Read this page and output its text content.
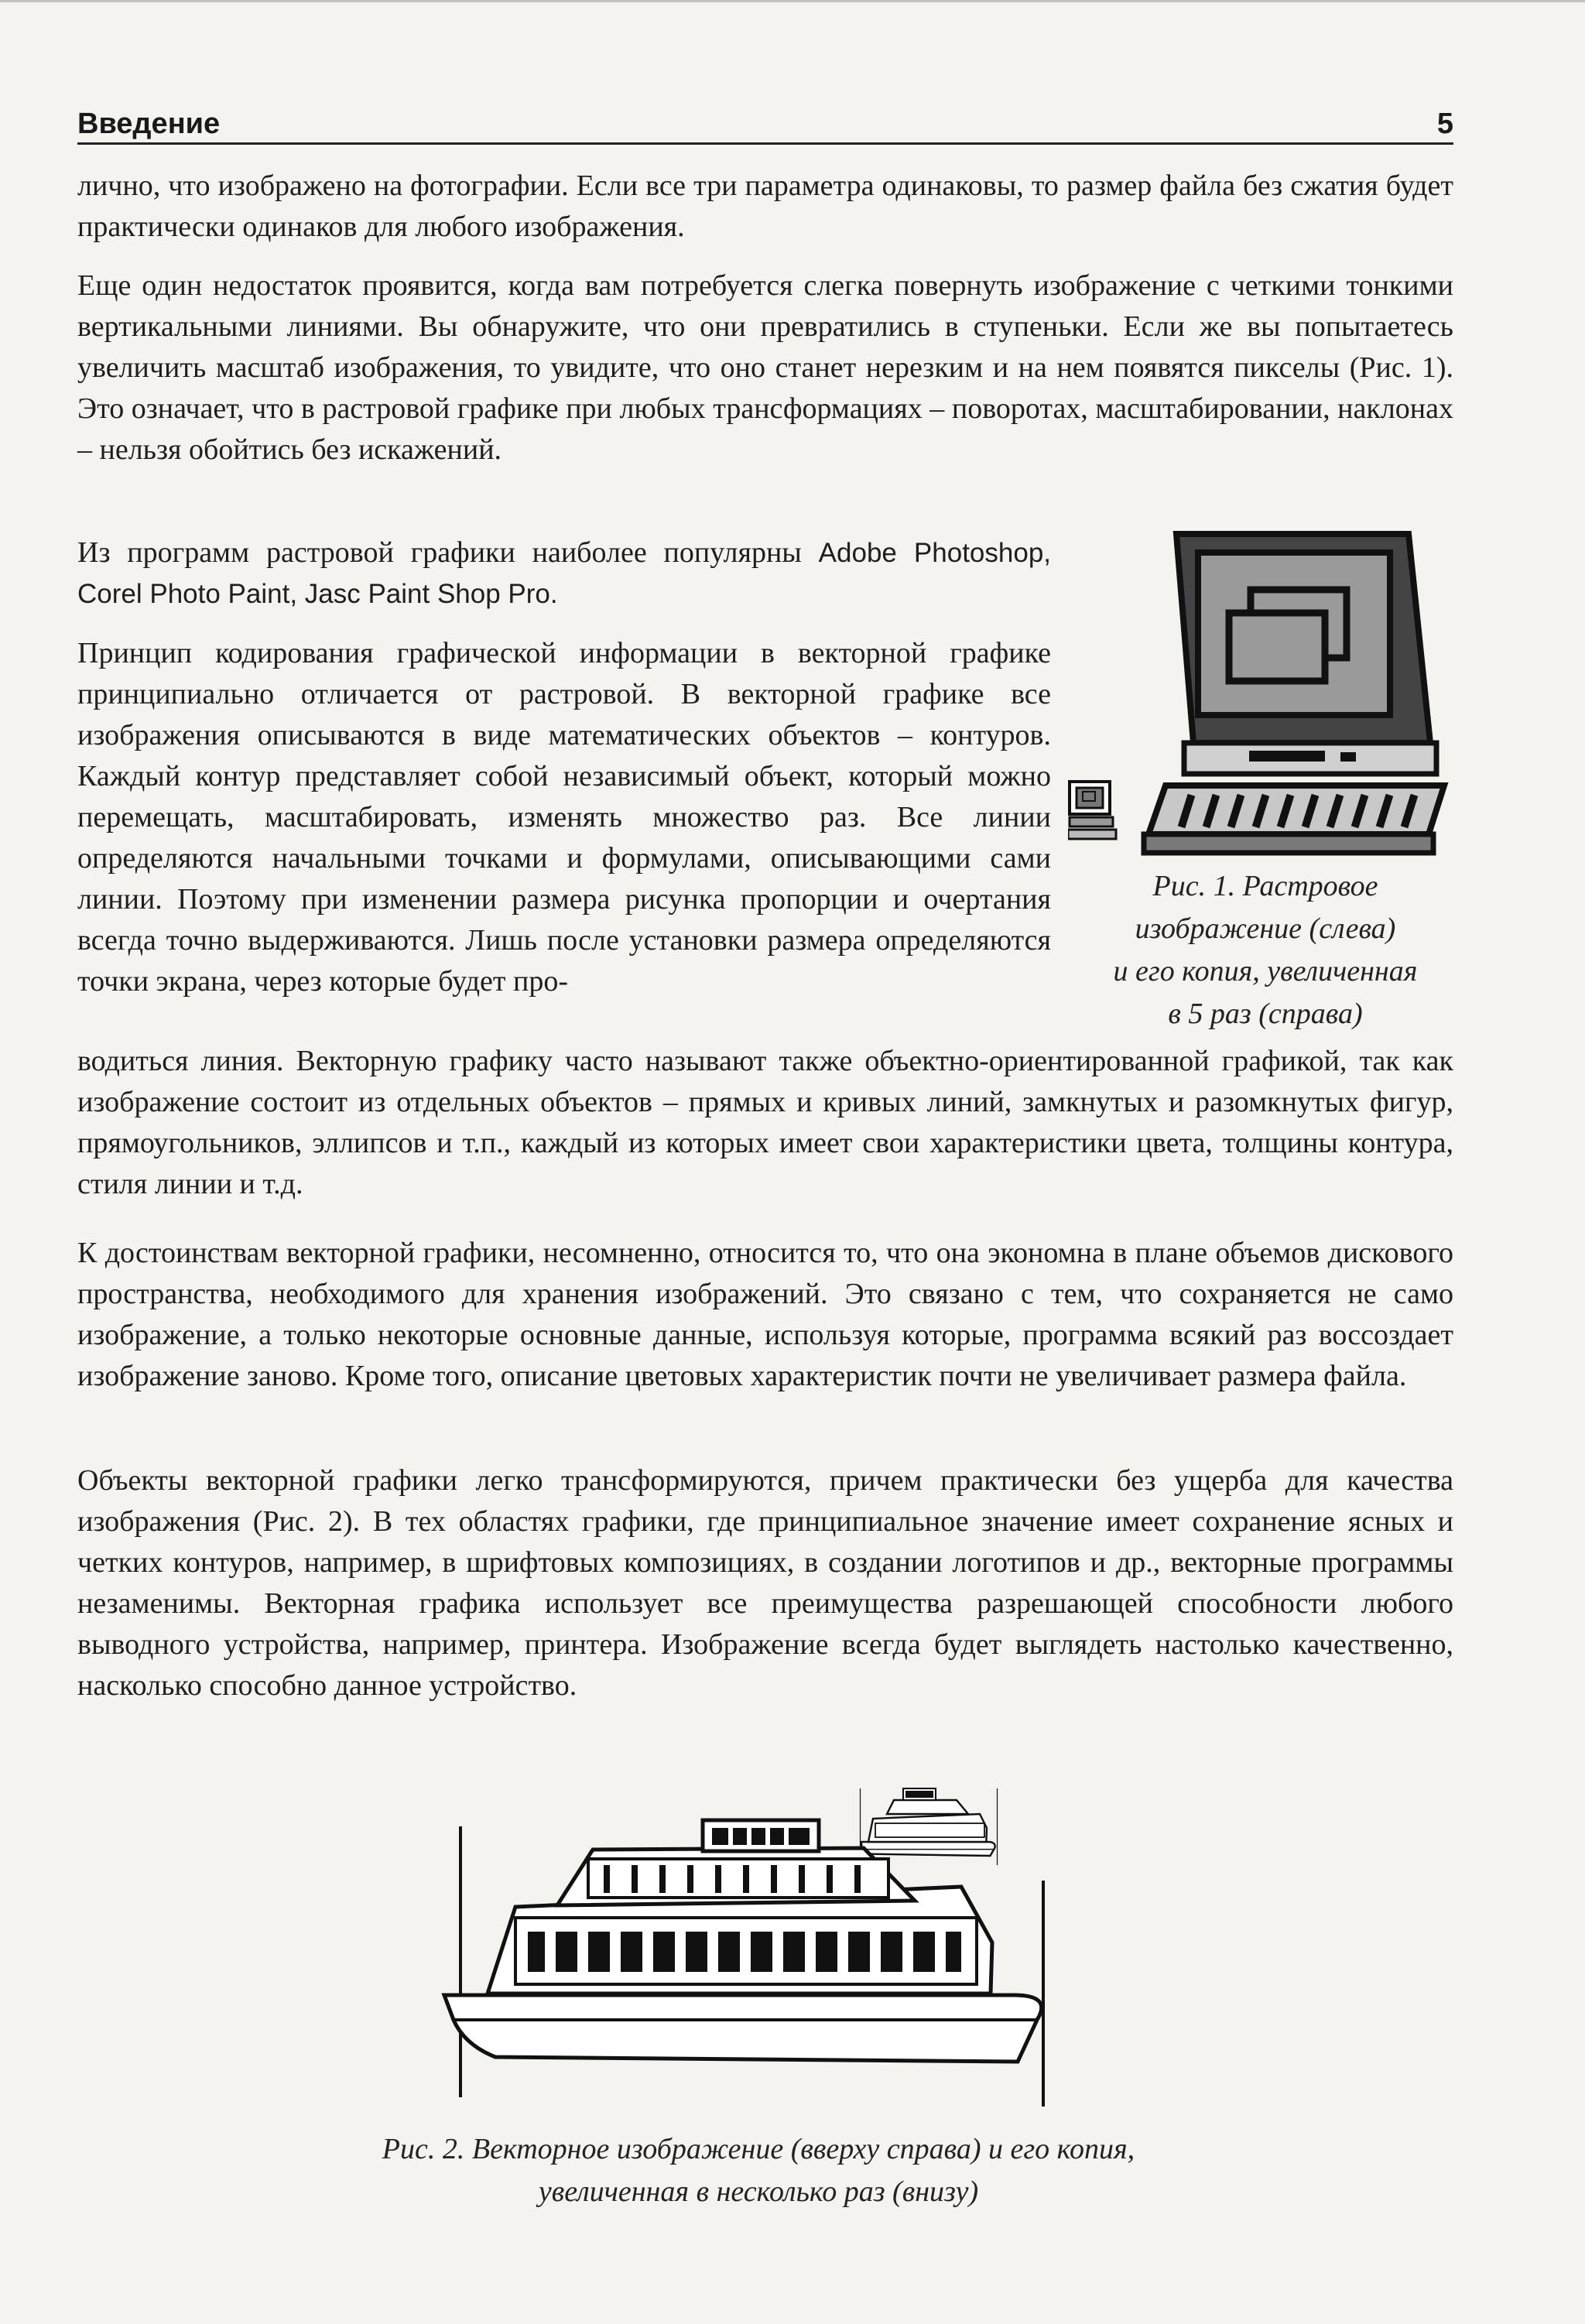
Введение	5

лично, что изображено на фотографии. Если все три параметра одинаковы, то размер файла без сжатия будет практически одинаков для любого изображения.

Еще один недостаток проявится, когда вам потребуется слегка повернуть изображение с четкими тонкими вертикальными линиями. Вы обнаружите, что они превратились в ступеньки. Если же вы попытаетесь увеличить масштаб изображения, то увидите, что оно станет нерезким и на нем появятся пикселы (Рис. 1). Это означает, что в растровой графике при любых трансформациях – поворотах, масштабировании, наклонах – нельзя обойтись без искажений.

Из программ растровой графики наиболее популярны Adobe Photoshop, Corel Photo Paint, Jasc Paint Shop Pro.

Принцип кодирования графической информации в векторной графике принципиально отличается от растровой. В векторной графике все изображения описываются в виде математических объектов – контуров. Каждый контур представляет собой независимый объект, который можно перемещать, масштабировать, изменять множество раз. Все линии определяются начальными точками и формулами, описывающими сами линии. Поэтому при изменении размера рисунка пропорции и очертания всегда точно выдерживаются. Лишь после установки размера определяются точки экрана, через которые будет про-

водиться линия. Векторную графику часто называют также объектно-ориентированной графикой, так как изображение состоит из отдельных объектов – прямых и кривых линий, замкнутых и разомкнутых фигур, прямоугольников, эллипсов и т.п., каждый из которых имеет свои характеристики цвета, толщины контура, стиля линии и т.д.

Рис. 1. Растровое
изображение (слева)
и его копия, увеличенная
в 5 раз (справа)

К достоинствам векторной графики, несомненно, относится то, что она экономна в плане объемов дискового пространства, необходимого для хранения изображений. Это связано с тем, что сохраняется не само изображение, а только некоторые основные данные, используя которые, программа всякий раз воссоздает изображение заново. Кроме того, описание цветовых характеристик почти не увеличивает размера файла.

Объекты векторной графики легко трансформируются, причем практически без ущерба для качества изображения (Рис. 2). В тех областях графики, где принципиальное значение имеет сохранение ясных и четких контуров, например, в шрифтовых композициях, в создании логотипов и др., векторные программы незаменимы. Векторная графика использует все преимущества разрешающей способности любого выводного устройства, например, принтера. Изображение всегда будет выглядеть настолько качественно, насколько способно данное устройство.

Рис. 2. Векторное изображение (вверху справа) и его копия,
увеличенная в несколько раз (внизу)
